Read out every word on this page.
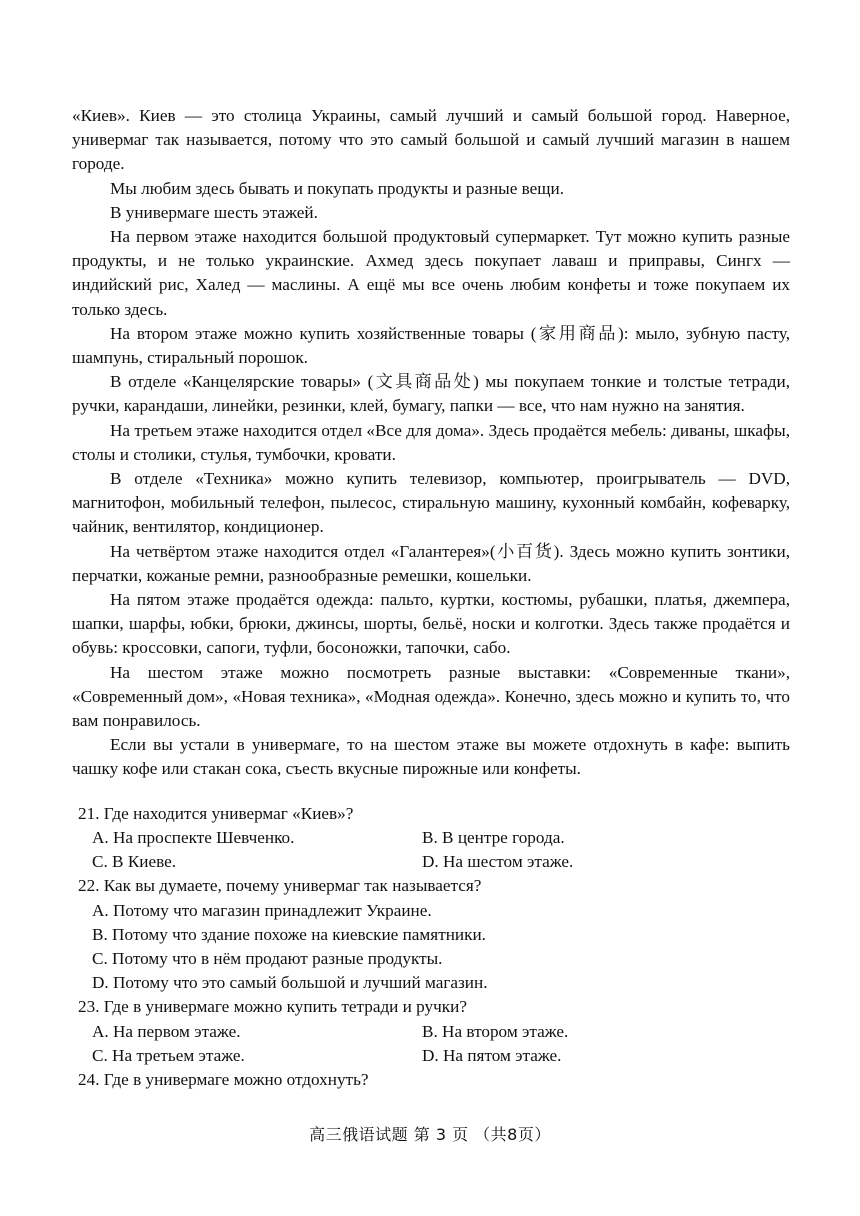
«Киев». Киев — это столица Украины, самый лучший и самый большой город. Наверное, универмаг так называется, потому что это самый большой и самый лучший магазин в нашем городе.

Мы любим здесь бывать и покупать продукты и разные вещи.

В универмаге шесть этажей.

На первом этаже находится большой продуктовый супермаркет. Тут можно купить разные продукты, и не только украинские. Ахмед здесь покупает лаваш и приправы, Сингх — индийский рис, Халед — маслины. А ещё мы все очень любим конфеты и тоже покупаем их только здесь.

На втором этаже можно купить хозяйственные товары (家用商品): мыло, зубную пасту, шампунь, стиральный порошок.

В отделе «Канцелярские товары» (文具商品处) мы покупаем тонкие и толстые тетради, ручки, карандаши, линейки, резинки, клей, бумагу, папки — все, что нам нужно на занятия.

На третьем этаже находится отдел «Все для дома». Здесь продаётся мебель: диваны, шкафы, столы и столики, стулья, тумбочки, кровати.

В отделе «Техника» можно купить телевизор, компьютер, проигрыватель — DVD, магнитофон, мобильный телефон, пылесос, стиральную машину, кухонный комбайн, кофеварку, чайник, вентилятор, кондиционер.

На четвёртом этаже находится отдел «Галантерея»(小百货). Здесь можно купить зонтики, перчатки, кожаные ремни, разнообразные ремешки, кошельки.

На пятом этаже продаётся одежда: пальто, куртки, костюмы, рубашки, платья, джемпера, шапки, шарфы, юбки, брюки, джинсы, шорты, бельё, носки и колготки. Здесь также продаётся и обувь: кроссовки, сапоги, туфли, босоножки, тапочки, сабо.

На шестом этаже можно посмотреть разные выставки: «Современные ткани», «Современный дом», «Новая техника», «Модная одежда». Конечно, здесь можно и купить то, что вам понравилось.

Если вы устали в универмаге, то на шестом этаже вы можете отдохнуть в кафе: выпить чашку кофе или стакан сока, съесть вкусные пирожные или конфеты.

21. Где находится универмаг «Киев»?
A. На проспекте Шевченко.	B. В центре города.
C. В Киеве.	D. На шестом этаже.
22. Как вы думаете, почему универмаг так называется?
A. Потому что магазин принадлежит Украине.
B. Потому что здание похоже на киевские памятники.
C. Потому что в нём продают разные продукты.
D. Потому что это самый большой и лучший магазин.
23. Где в универмаге можно купить тетради и ручки?
A. На первом этаже.	B. На втором этаже.
C. На третьем этаже.	D. На пятом этаже.
24. Где в универмаге можно отдохнуть?
高三俄语试题 第 3 页 （共8页）
